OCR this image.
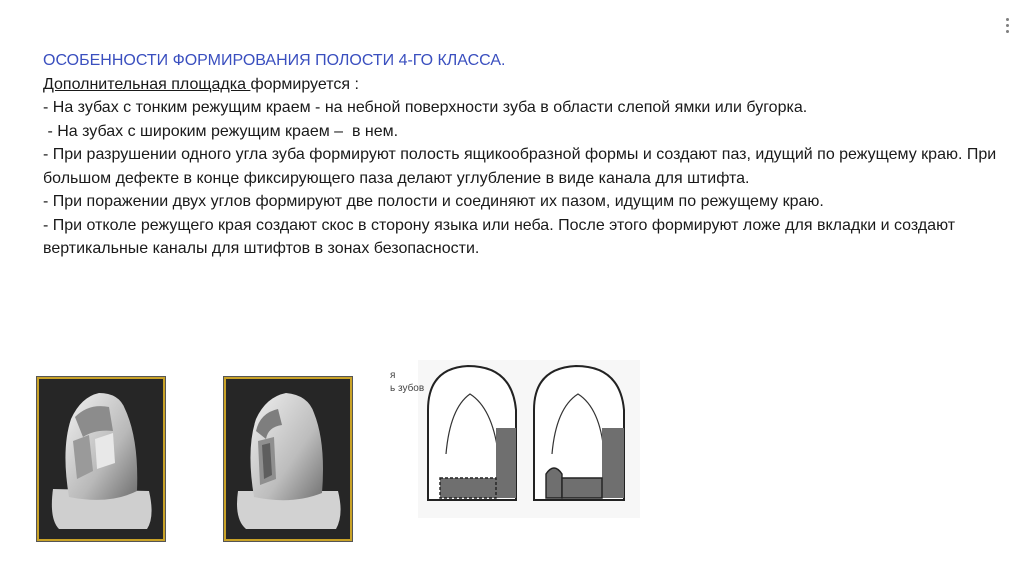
ОСОБЕННОСТИ ФОРМИРОВАНИЯ ПОЛОСТИ 4-ГО КЛАССА.

Дополнительная площадка формируется :

- На зубах с тонким режущим краем - на небной поверхности зуба в области слепой ямки или бугорка.

- На зубах с широким режущим краем –  в нем.

- При разрушении одного угла зуба формируют полость ящикообразной формы и создают паз, идущий по режущему краю. При большом дефекте в конце фиксирующего паза делают углубление в виде канала для штифта.

- При поражении двух углов формируют две полости и соединяют их пазом, идущим по режущему краю.

- При отколе режущего края создают скос в сторону языка или неба. После этого формируют ложе для вкладки и создают вертикальные каналы для штифтов в зонах безопасности.

я
ь зубов
